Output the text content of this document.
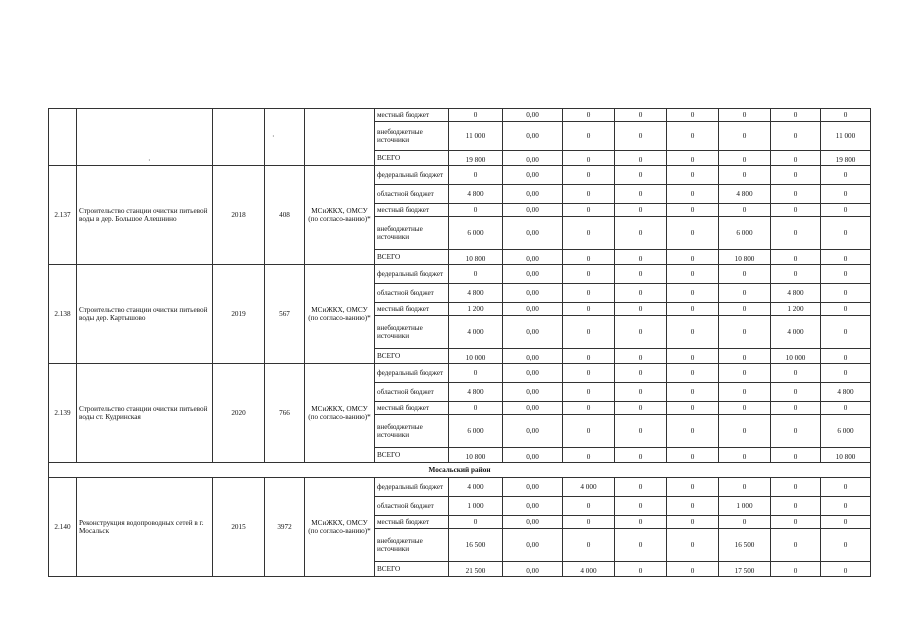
					местный бюджет	0	0,00	0	0	0	0	0	0
					внебюджетные источники	11 000	0,00	0	0	0	0	0	11 000
					ВСЕГО	19 800	0,00	0	0	0	0	0	19 800
2.137	Строительство станции очистки питьевой воды в дер. Большое Алешнино	2018	408	МСиЖКХ, ОМСУ (по согласо-ванию)*	федеральный бюджет	0	0,00	0	0	0	0	0	0
					областной бюджет	4 800	0,00	0	0	0	4 800	0	0
					местный бюджет	0	0,00	0	0	0	0	0	0
					внебюджетные источники	6 000	0,00	0	0	0	6 000	0	0
					ВСЕГО	10 800	0,00	0	0	0	10 800	0	0
2.138	Строительство станции очистки питьевой воды дер. Картышово	2019	567	МСиЖКХ, ОМСУ (по согласо-ванию)*	федеральный бюджет	0	0,00	0	0	0	0	0	0
					областной бюджет	4 800	0,00	0	0	0	0	4 800	0
					местный бюджет	1 200	0,00	0	0	0	0	1 200	0
					внебюджетные источники	4 000	0,00	0	0	0	0	4 000	0
					ВСЕГО	10 000	0,00	0	0	0	0	10 000	0
2.139	Строительство станции очистки питьевой воды ст. Кудринская	2020	766	МСиЖКХ, ОМСУ (по согласо-ванию)*	федеральный бюджет	0	0,00	0	0	0	0	0	0
					областной бюджет	4 800	0,00	0	0	0	0	0	4 800
					местный бюджет	0	0,00	0	0	0	0	0	0
					внебюджетные источники	6 000	0,00	0	0	0	0	0	6 000
					ВСЕГО	10 800	0,00	0	0	0	0	0	10 800
Мосальский район													
2.140	Реконструкция водопроводных сетей в г. Мосальск	2015	3972	МСиЖКХ, ОМСУ (по согласо-ванию)*	федеральный бюджет	4 000	0,00	4 000	0	0	0	0	0
					областной бюджет	1 000	0,00	0	0	0	1 000	0	0
					местный бюджет	0	0,00	0	0	0	0	0	0
					внебюджетные источники	16 500	0,00	0	0	0	16 500	0	0
					ВСЕГО	21 500	0,00	4 000	0	0	17 500	0	0
·
·
